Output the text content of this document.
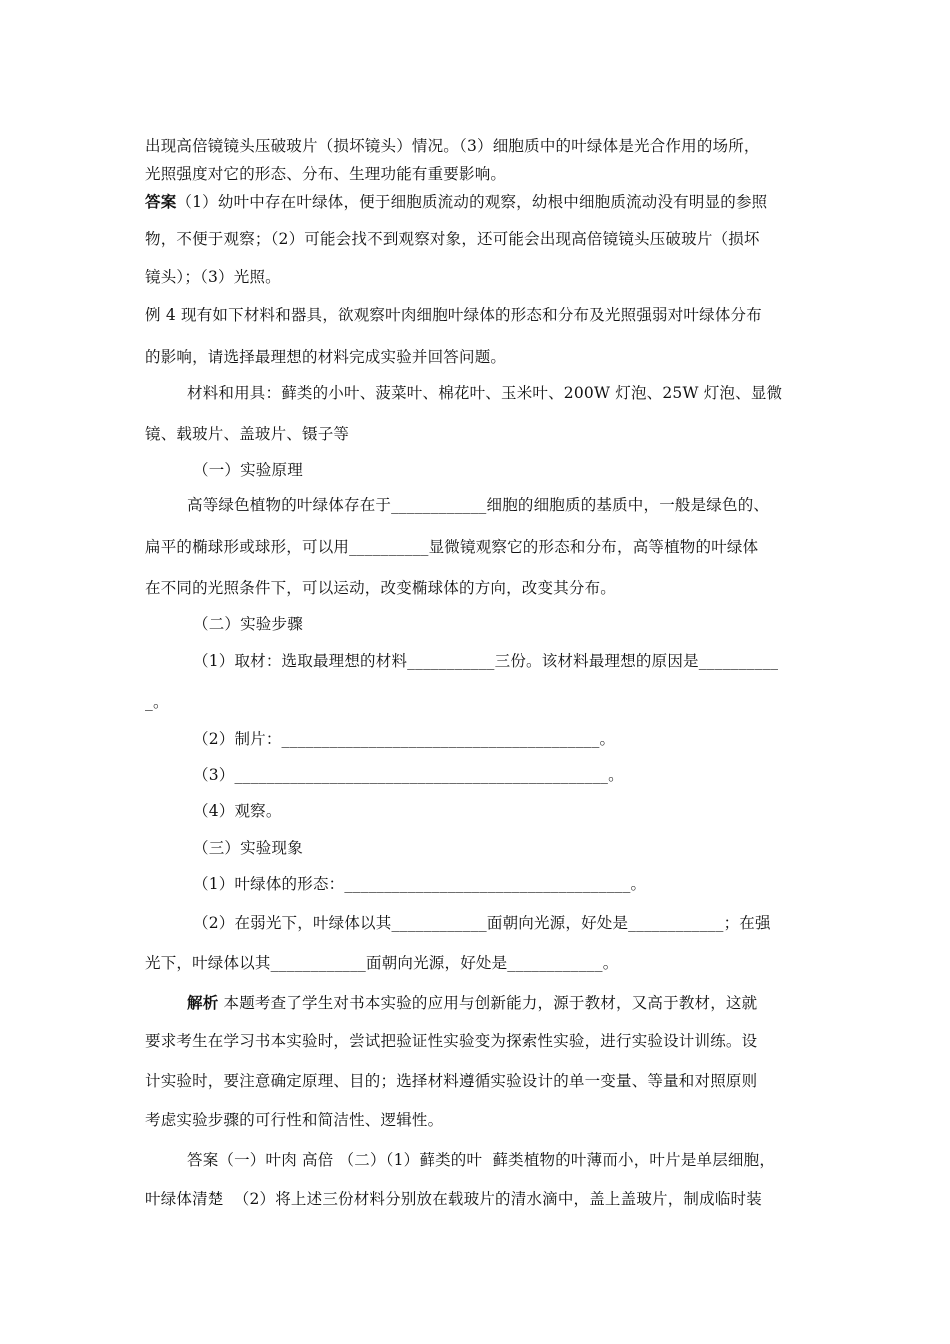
出现高倍镜镜头压破玻片（损坏镜头）情况。（3）细胞质中的叶绿体是光合作用的场所，
光照强度对它的形态、分布、生理功能有重要影响。
答案（1）幼叶中存在叶绿体，便于细胞质流动的观察，幼根中细胞质流动没有明显的参照
物，不便于观察；（2）可能会找不到观察对象，还可能会出现高倍镜镜头压破玻片（损坏
镜头）；（3）光照。
例 4 现有如下材料和器具，欲观察叶肉细胞叶绿体的形态和分布及光照强弱对叶绿体分布
的影响，请选择最理想的材料完成实验并回答问题。
材料和用具：藓类的小叶、菠菜叶、棉花叶、玉米叶、200W 灯泡、25W 灯泡、显微
镜、载玻片、盖玻片、镊子等
（一）实验原理
高等绿色植物的叶绿体存在于____________细胞的细胞质的基质中，一般是绿色的、
扁平的椭球形或球形，可以用__________显微镜观察它的形态和分布，高等植物的叶绿体
在不同的光照条件下，可以运动，改变椭球体的方向，改变其分布。
（二）实验步骤
（1）取材：选取最理想的材料___________三份。该材料最理想的原因是__________
_。
（2）制片：________________________________________。
（3）_______________________________________________。
（4）观察。
（三）实验现象
（1）叶绿体的形态：____________________________________。
（2）在弱光下，叶绿体以其____________面朝向光源，好处是____________；在强
光下，叶绿体以其____________面朝向光源，好处是____________。
解析 本题考查了学生对书本实验的应用与创新能力，源于教材，又高于教材，这就
要求考生在学习书本实验时，尝试把验证性实验变为探索性实验，进行实验设计训练。设
计实验时，要注意确定原理、目的；选择材料遵循实验设计的单一变量、等量和对照原则
考虑实验步骤的可行性和简洁性、逻辑性。
答案（一）叶肉 高倍 （二）（1）藓类的叶  藓类植物的叶薄而小，叶片是单层细胞，
叶绿体清楚  （2）将上述三份材料分别放在载玻片的清水滴中，盖上盖玻片，制成临时装
